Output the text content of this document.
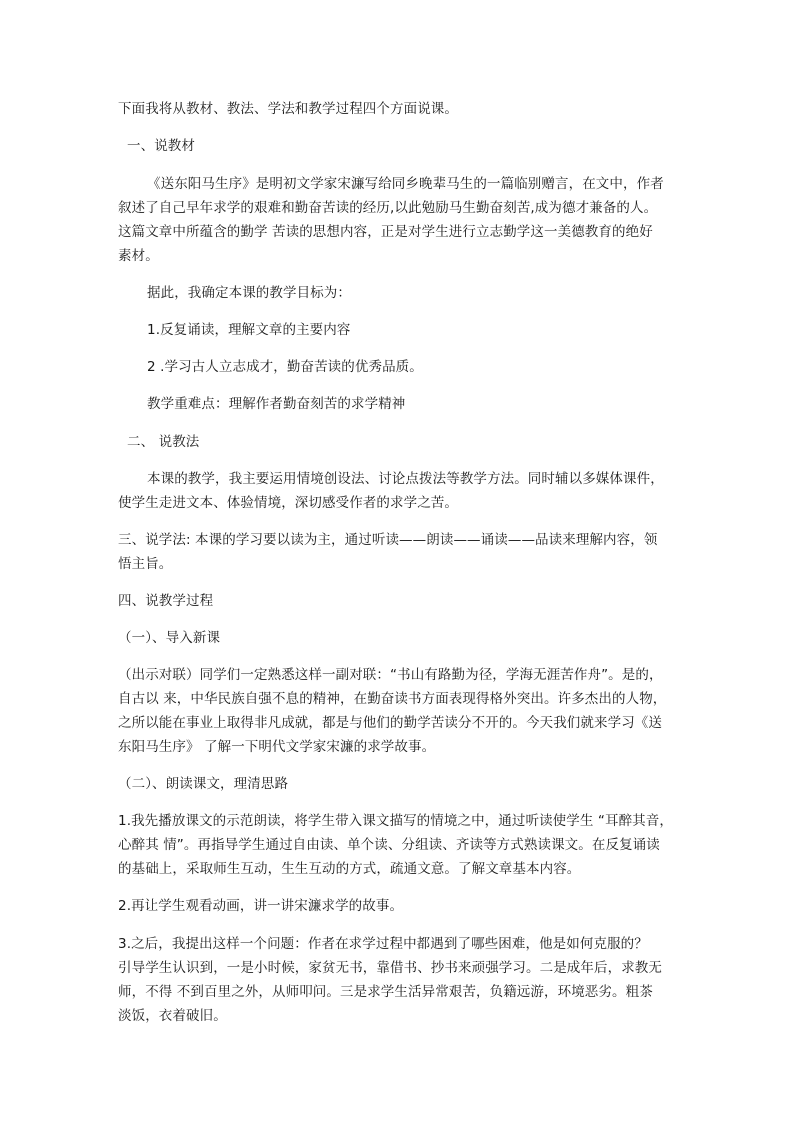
下面我将从教材、教法、学法和教学过程四个方面说课。
一、说教材
《送东阳马生序》是明初文学家宋濂写给同乡晚辈马生的一篇临别赠言，在文中，作者
叙述了自己早年求学的艰难和勤奋苦读的经历,以此勉励马生勤奋刻苦,成为德才兼备的人。
这篇文章中所蕴含的勤学 苦读的思想内容，正是对学生进行立志勤学这一美德教育的绝好
素材。
据此，我确定本课的教学目标为：
1.反复诵读，理解文章的主要内容
2 .学习古人立志成才，勤奋苦读的优秀品质。
教学重难点：理解作者勤奋刻苦的求学精神
二、 说教法
本课的教学，我主要运用情境创设法、讨论点拨法等教学方法。同时辅以多媒体课件，
使学生走进文本、体验情境，深切感受作者的求学之苦。
三、说学法: 本课的学习要以读为主，通过听读——朗读——诵读——品读来理解内容，领
悟主旨。
四、说教学过程
（一）、导入新课
（出示对联）同学们一定熟悉这样一副对联：“书山有路勤为径，学海无涯苦作舟”。是的，
自古以 来，中华民族自强不息的精神，在勤奋读书方面表现得格外突出。许多杰出的人物，
之所以能在事业上取得非凡成就，都是与他们的勤学苦读分不开的。今天我们就来学习《送
东阳马生序》 了解一下明代文学家宋濂的求学故事。
（二）、朗读课文，理清思路
1.我先播放课文的示范朗读，将学生带入课文描写的情境之中，通过听读使学生 “耳醉其音，
心醉其 情”。再指导学生通过自由读、单个读、分组读、齐读等方式熟读课文。在反复诵读
的基础上，采取师生互动，生生互动的方式，疏通文意。了解文章基本内容。
2.再让学生观看动画，讲一讲宋濂求学的故事。
3.之后，我提出这样一个问题：作者在求学过程中都遇到了哪些困难，他是如何克服的？
引导学生认识到，一是小时候，家贫无书，靠借书、抄书来顽强学习。二是成年后，求教无
师，不得 不到百里之外，从师叩问。三是求学生活异常艰苦，负籍远游，环境恶劣。粗茶
淡饭，衣着破旧。
